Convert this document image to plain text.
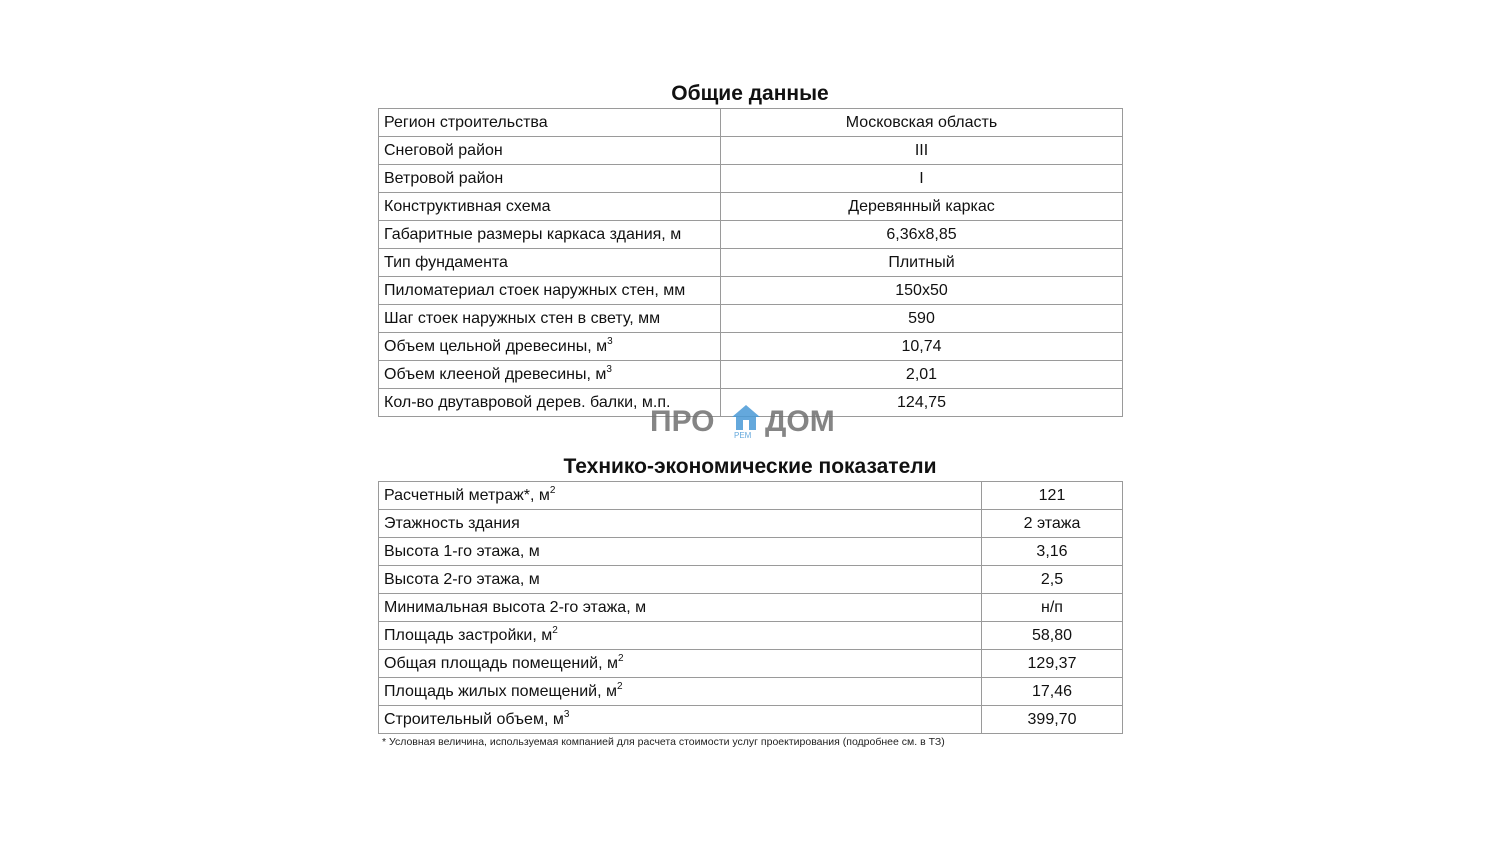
Общие данные
Регион строительства	Московская область
Снеговой район	III
Ветровой район	I
Конструктивная схема	Деревянный каркас
Габаритные размеры каркаса здания, м	6,36х8,85
Тип фундамента	Плитный
Пиломатериал стоек наружных стен, мм	150х50
Шаг стоек наружных стен в свету, мм	590
Объем цельной древесины, $м^3$	10,74
Объем клееной древесины, $м^3$	2,01
Кол-во двутавровой дерев. балки, м.п.	124,75
ПРО РЕМ ДОМ
Технико-экономические показатели
Расчетный метраж*, $м^2$	121
Этажность здания	2 этажа
Высота 1-го этажа, м	3,16
Высота 2-го этажа, м	2,5
Минимальная высота 2-го этажа, м	н/п
Площадь застройки, $м^2$	58,80
Общая площадь помещений, $м^2$	129,37
Площадь жилых помещений, $м^2$	17,46
Строительный объем, $м^3$	399,70
* Условная величина, используемая компанией для расчета стоимости услуг проектирования (подробнее см. в ТЗ)
